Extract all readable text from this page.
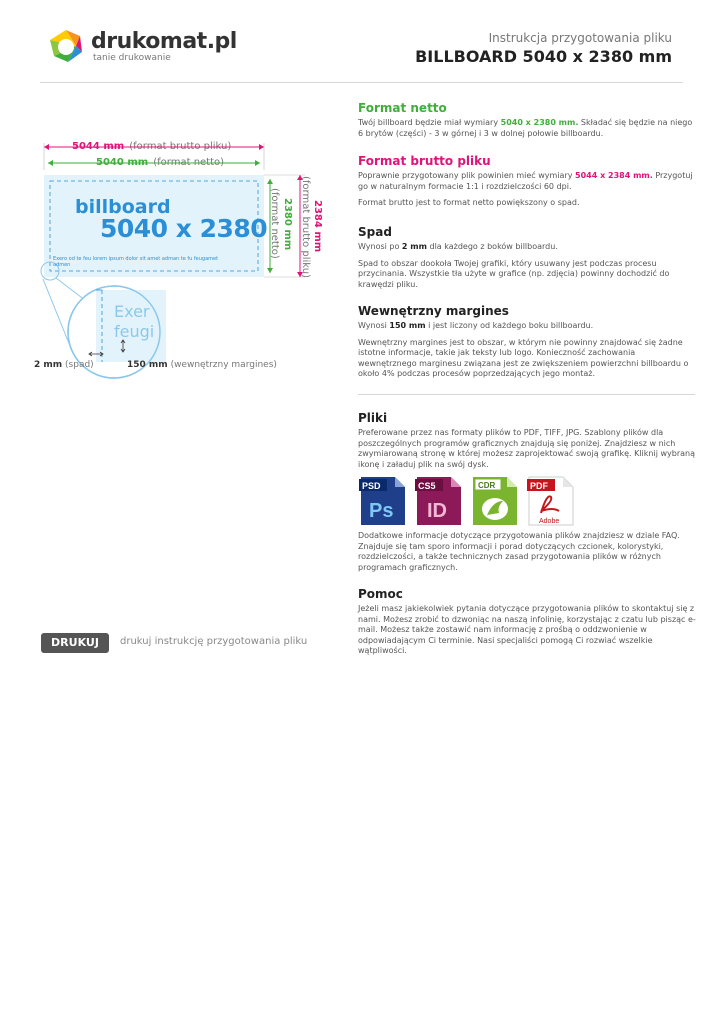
drukomat.pl
tanie drukowanie
Instrukcja przygotowania pliku
BILLBOARD 5040 x 2380 mm
5044 mm (format brutto pliku)
5040 mm (format netto)
Exer
feugi
billboard
5040 x 2380
Exero od te feu lorem ipsum dolor sit amet adman te fu feugamet admen
2380 mm
(format netto)	2384 mm
(format brutto pliku)
2 mm (spad)	150 mm (wewnętrzny margines)
Format netto
Twój billboard będzie miał wymiary 5040 x 2380 mm. Składać się będzie na niego 6 brytów (części) - 3 w górnej i 3 w dolnej połowie billboardu.
Format brutto pliku
Poprawnie przygotowany plik powinien mieć wymiary 5044 x 2384 mm. Przygotuj go w naturalnym formacie 1:1 i rozdzielczości 60 dpi.
Format brutto jest to format netto powiększony o spad.
Spad
Wynosi po 2 mm dla każdego z boków billboardu.
Spad to obszar dookoła Twojej grafiki, który usuwany jest podczas procesu przycinania. Wszystkie tła użyte w grafice (np. zdjęcia) powinny dochodzić do krawędzi pliku.
Wewnętrzny margines
Wynosi 150 mm i jest liczony od każdego boku billboardu.
Wewnętrzny margines jest to obszar, w którym nie powinny znajdować się żadne istotne informacje, takie jak teksty lub logo. Konieczność zachowania wewnętrznego marginesu związana jest ze zwiększeniem powierzchni billboardu o około 4% podczas procesów poprzedzających jego montaż.
Pliki
Preferowane przez nas formaty plików to PDF, TIFF, JPG. Szablony plików dla poszczególnych programów graficznych znajdują się poniżej. Znajdziesz w nich zwymiarowaną stronę w której możesz zaprojektować swoją grafikę. Kliknij wybraną ikonę i załaduj plik na swój dysk.
PSD
Ps
CS5
ID
CDR	PDF
Adobe
Dodatkowe informacje dotyczące przygotowania plików znajdziesz w dziale FAQ. Znajduje się tam sporo informacji i porad dotyczących czcionek, kolorystyki, rozdzielczości, a także technicznych zasad przygotowania plików w różnych programach graficznych.
Pomoc
Jeżeli masz jakiekolwiek pytania dotyczące przygotowania plików to skontaktuj się z nami. Możesz zrobić to dzwoniąc na naszą infolinię, korzystając z czatu lub pisząc e-mail. Możesz także zostawić nam informację z prośbą o oddzwonienie w odpowiadającym Ci terminie. Nasi specjaliści pomogą Ci rozwiać wszelkie wątpliwości.
DRUKUJ	drukuj instrukcję przygotowania pliku
